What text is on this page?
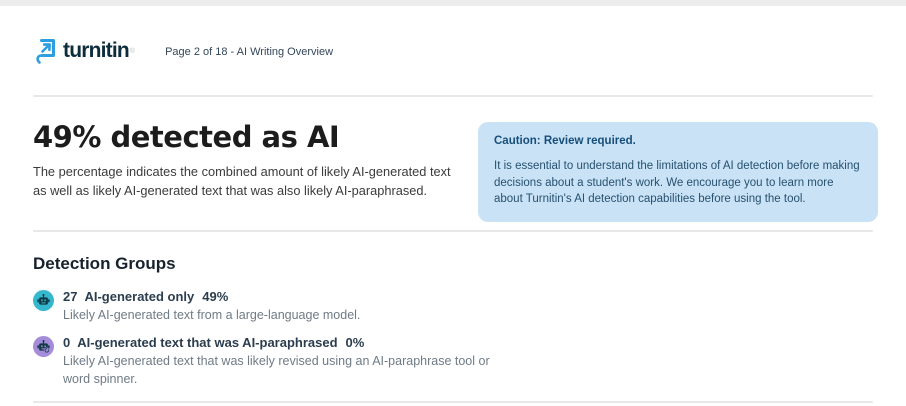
turnitin ®	Page 2 of 18 - AI Writing Overview
49% detected as AI

The percentage indicates the combined amount of likely AI-generated text as well as likely AI-generated text that was also likely AI-paraphrased.

Caution: Review required.
It is essential to understand the limitations of AI detection before making decisions about a student's work. We encourage you to learn more about Turnitin's AI detection capabilities before using the tool.
Detection Groups
27 AI-generated only 49%
Likely AI-generated text from a large-language model.
0 AI-generated text that was AI-paraphrased 0%
Likely AI-generated text that was likely revised using an AI-paraphrase tool or word spinner.
